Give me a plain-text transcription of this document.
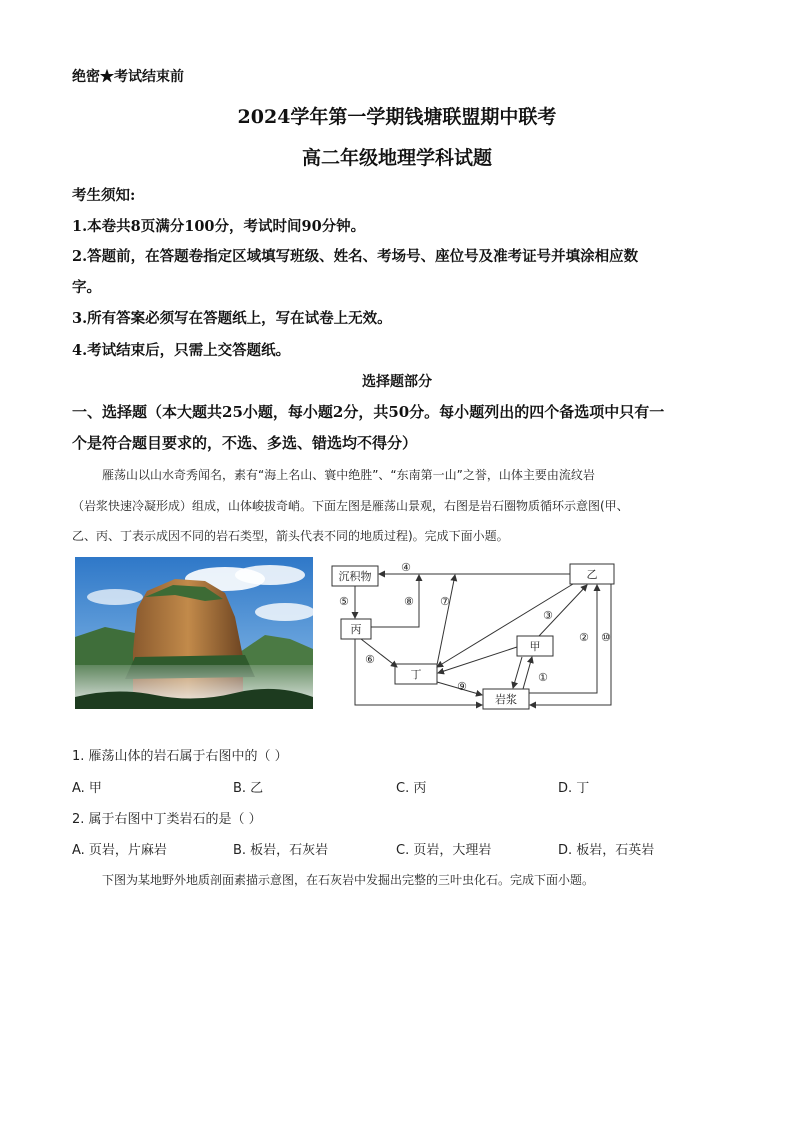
绝密★考试结束前
2024学年第一学期钱塘联盟期中联考
高二年级地理学科试题
考生须知:
1.本卷共8页满分100分，考试时间90分钟。
2.答题前，在答题卷指定区域填写班级、姓名、考场号、座位号及准考证号并填涂相应数
字。
3.所有答案必须写在答题纸上，写在试卷上无效。
4.考试结束后，只需上交答题纸。
选择题部分
一、选择题（本大题共25小题，每小题2分，共50分。每小题列出的四个备选项中只有一
个是符合题目要求的，不选、多选、错选均不得分）
雁荡山以山水奇秀闻名，素有“海上名山、寰中绝胜”、“东南第一山”之誉，山体主要由流纹岩
（岩浆快速冷凝形成）组成，山体峻拔奇峭。下面左图是雁荡山景观，右图是岩石圈物质循环示意图(甲、
乙、丙、丁表示成因不同的岩石类型，箭头代表不同的地质过程)。完成下面小题。
沉积物
丙
丁
甲
乙
岩浆
①
②
③
④
⑤
⑥
⑦
⑧
⑨
⑩
1. 雁荡山体的岩石属于右图中的（ ）
A. 甲	B. 乙	C. 丙	D. 丁
2. 属于右图中丁类岩石的是（ ）
A. 页岩，片麻岩	B. 板岩，石灰岩	C. 页岩，大理岩	D. 板岩，石英岩
下图为某地野外地质剖面素描示意图，在石灰岩中发掘出完整的三叶虫化石。完成下面小题。
